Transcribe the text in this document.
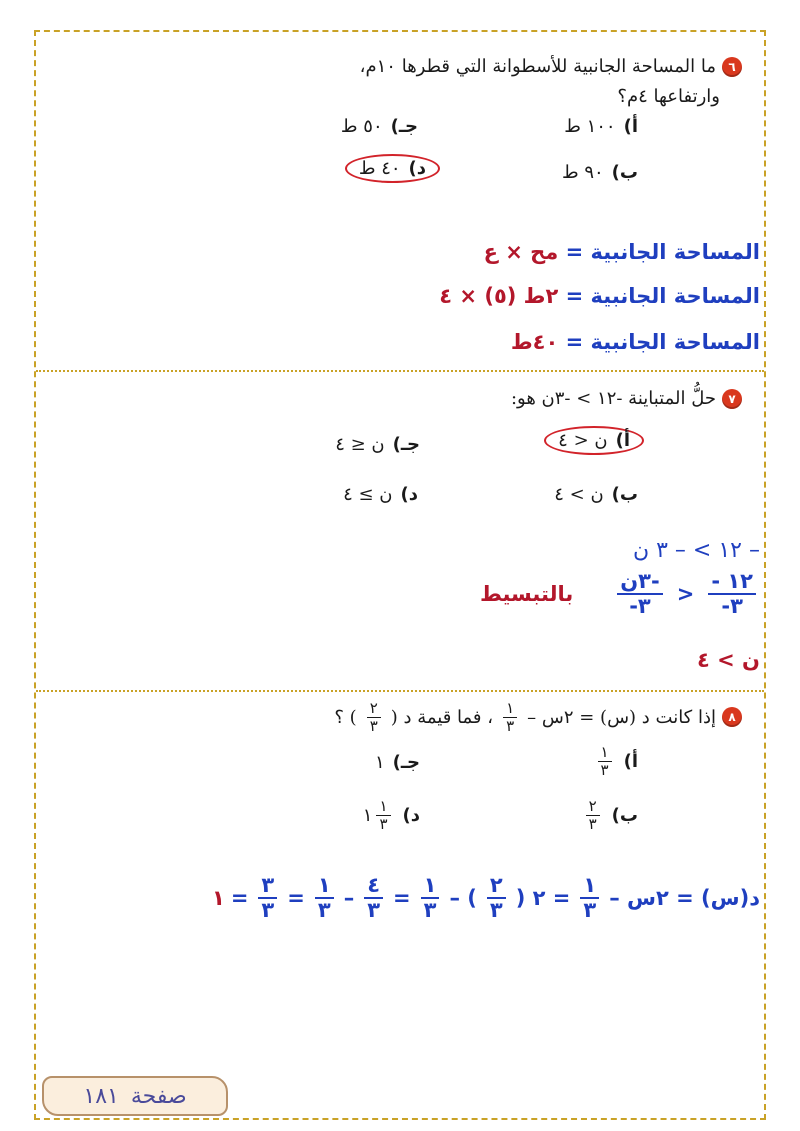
٦
ما المساحة الجانبية للأسطوانة التي قطرها ١٠م،
وارتفاعها ٤م؟
أ)١٠٠ ط
جـ)٥٠ ط
ب)٩٠ ط
د)٤٠ ط
المساحة الجانبية = مح × ع
المساحة الجانبية = ٢ط (٥) × ٤
المساحة الجانبية = ٤٠ط
٧
حلُّ المتباينة -١٢ > -٣ن هو:
أ)ن < ٤
جـ)ن ≤ ٤
ب)ن > ٤
د)ن ≥ ٤
– ١٢ > – ٣ ن
$\frac{١٢ -}{٣-}$
<
$\frac{\text{-٣ن}}{٣-}$
بالتبسيط
ن > ٤
٨
إذا كانت د (س) = ٢س –
$\frac{١}{٣}$
، فما قيمة د (
$\frac{٢}{٣}$
) ؟
أ)
$\frac{١}{٣}$
جـ)١
ب)
$\frac{٢}{٣}$
د)
$\frac{١}{٣}$
١
د(س) = ٢س –
$\frac{١}{٣}$
= ٢ (
$\frac{٢}{٣}$
) –
$\frac{١}{٣}$
=
$\frac{٤}{٣}$
–
$\frac{١}{٣}$
=
$\frac{٣}{٣}$
=
١
صفحة
١٨١
